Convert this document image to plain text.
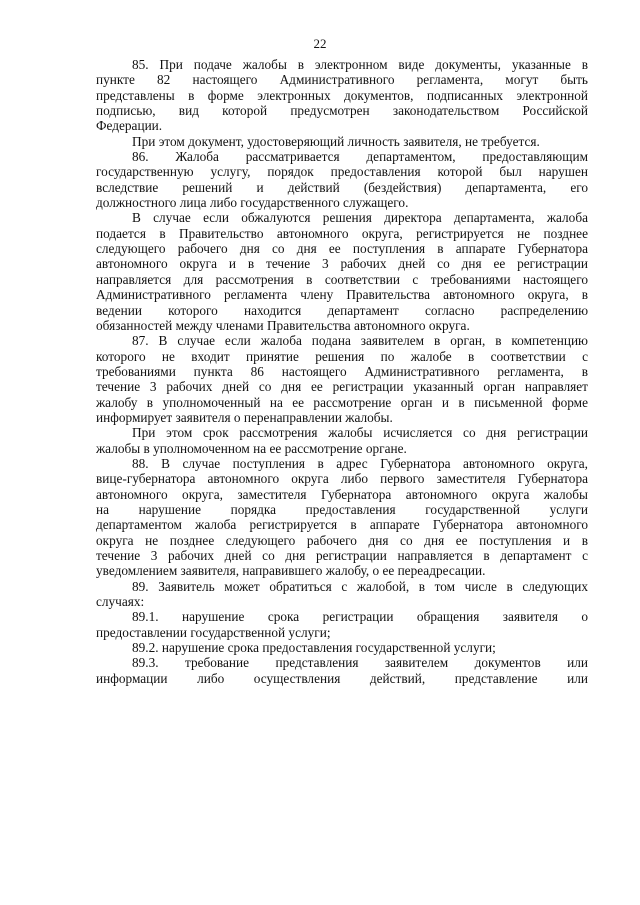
22
85. При подаче жалобы в электронном виде документы, указанные в
пункте 82 настоящего Административного регламента, могут быть
представлены в форме электронных документов, подписанных электронной
подписью, вид которой предусмотрен законодательством Российской
Федерации.
При этом документ, удостоверяющий личность заявителя, не требуется.
86. Жалоба рассматривается департаментом, предоставляющим
государственную услугу, порядок предоставления которой был нарушен
вследствие решений и действий (бездействия) департамента, его
должностного лица либо государственного служащего.
В случае если обжалуются решения директора департамента, жалоба
подается в Правительство автономного округа, регистрируется не позднее
следующего рабочего дня со дня ее поступления в аппарате Губернатора
автономного округа и в течение 3 рабочих дней со дня ее регистрации
направляется для рассмотрения в соответствии с требованиями настоящего
Административного регламента члену Правительства автономного округа, в
ведении которого находится департамент согласно распределению
обязанностей между членами Правительства автономного округа.
87. В случае если жалоба подана заявителем в орган, в компетенцию
которого не входит принятие решения по жалобе в соответствии с
требованиями пункта 86 настоящего Административного регламента, в
течение 3 рабочих дней со дня ее регистрации указанный орган направляет
жалобу в уполномоченный на ее рассмотрение орган и в письменной форме
информирует заявителя о перенаправлении жалобы.
При этом срок рассмотрения жалобы исчисляется со дня регистрации
жалобы в уполномоченном на ее рассмотрение органе.
88. В случае поступления в адрес Губернатора автономного округа,
вице-губернатора автономного округа либо первого заместителя Губернатора
автономного округа, заместителя Губернатора автономного округа жалобы
на нарушение порядка предоставления государственной услуги
департаментом жалоба регистрируется в аппарате Губернатора автономного
округа не позднее следующего рабочего дня со дня ее поступления и в
течение 3 рабочих дней со дня регистрации направляется в департамент с
уведомлением заявителя, направившего жалобу, о ее переадресации.
89. Заявитель может обратиться с жалобой, в том числе в следующих
случаях:
89.1. нарушение срока регистрации обращения заявителя о
предоставлении государственной услуги;
89.2. нарушение срока предоставления государственной услуги;
89.3. требование представления заявителем документов или
информации либо осуществления действий, представление или
